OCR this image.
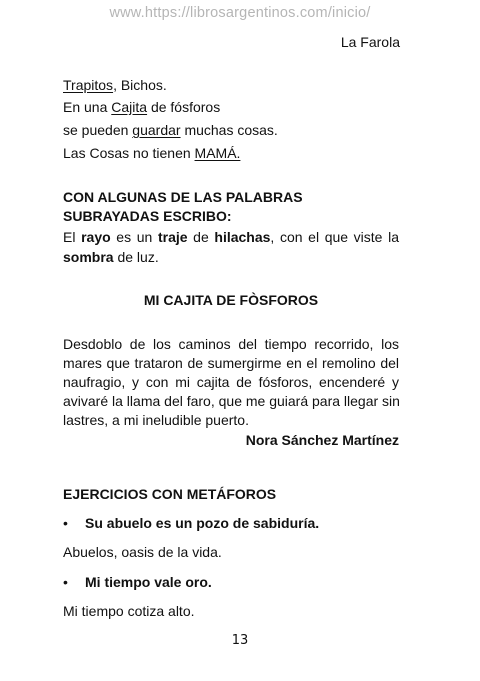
www.https://librosargentinos.com/inicio/
La Farola
Trapitos, Bichos.
En una Cajita de fósforos
se pueden guardar muchas cosas.
Las Cosas no tienen MAMÁ.
CON ALGUNAS DE LAS PALABRAS
SUBRAYADAS ESCRIBO:
El rayo es un traje de hilachas, con el que viste la
sombra de luz.
MI CAJITA DE FÒSFOROS
Desdoblo de los caminos del tiempo recorrido, los
mares que trataron de sumergirme en el remolino del
naufragio, y con mi cajita de fósforos, encenderé y
avivaré la llama del faro, que me guiará para llegar sin
lastres, a mi ineludible puerto.
Nora Sánchez Martínez
EJERCICIOS CON METÁFOROS
• Su abuelo es un pozo de sabiduría.
Abuelos, oasis de la vida.
• Mi tiempo vale oro.
Mi tiempo cotiza alto.
13
